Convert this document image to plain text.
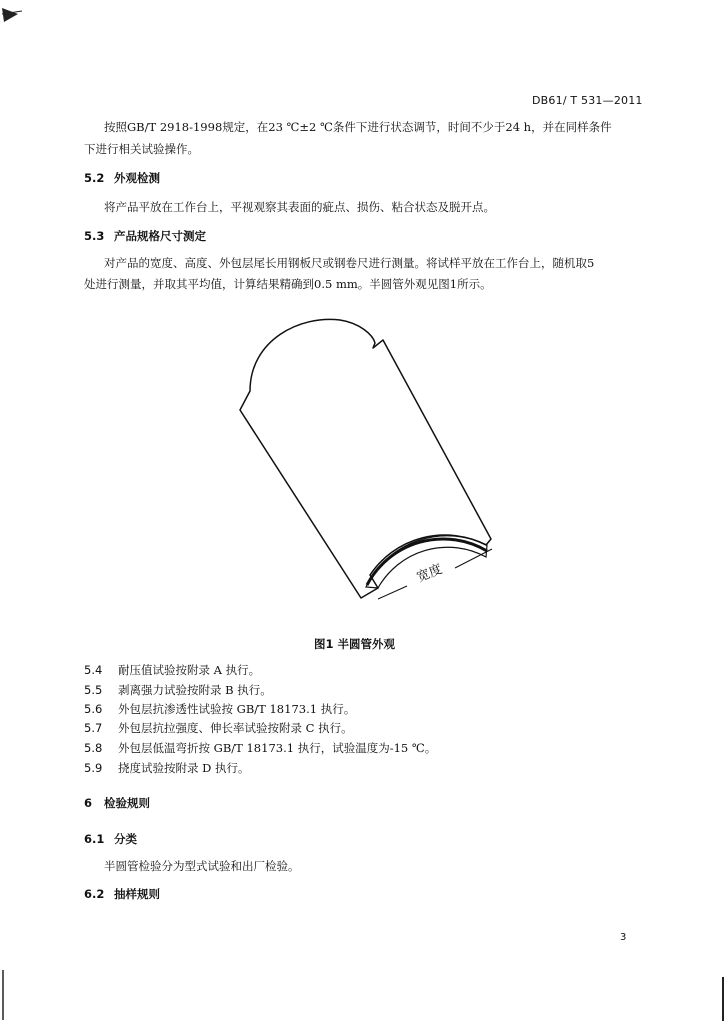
DB61/ T 531—2011
按照GB/T 2918-1998规定，在23 ℃±2 ℃条件下进行状态调节，时间不少于24 h，并在同样条件
下进行相关试验操作。
5.2 外观检测
将产品平放在工作台上，平视观察其表面的疵点、损伤、粘合状态及脱开点。
5.3 产品规格尺寸测定
对产品的宽度、高度、外包层尾长用钢板尺或钢卷尺进行测量。将试样平放在工作台上，随机取5
处进行测量，并取其平均值，计算结果精确到0.5 mm。半圆管外观见图1所示。
宽度
图1 半圆管外观
5.4 耐压值试验按附录 A 执行。
5.5 剥离强力试验按附录 B 执行。
5.6 外包层抗渗透性试验按 GB/T 18173.1 执行。
5.7 外包层抗拉强度、伸长率试验按附录 C 执行。
5.8 外包层低温弯折按 GB/T 18173.1 执行，试验温度为-15 ℃。
5.9 挠度试验按附录 D 执行。
6 检验规则
6.1 分类
半圆管检验分为型式试验和出厂检验。
6.2 抽样规则
3
